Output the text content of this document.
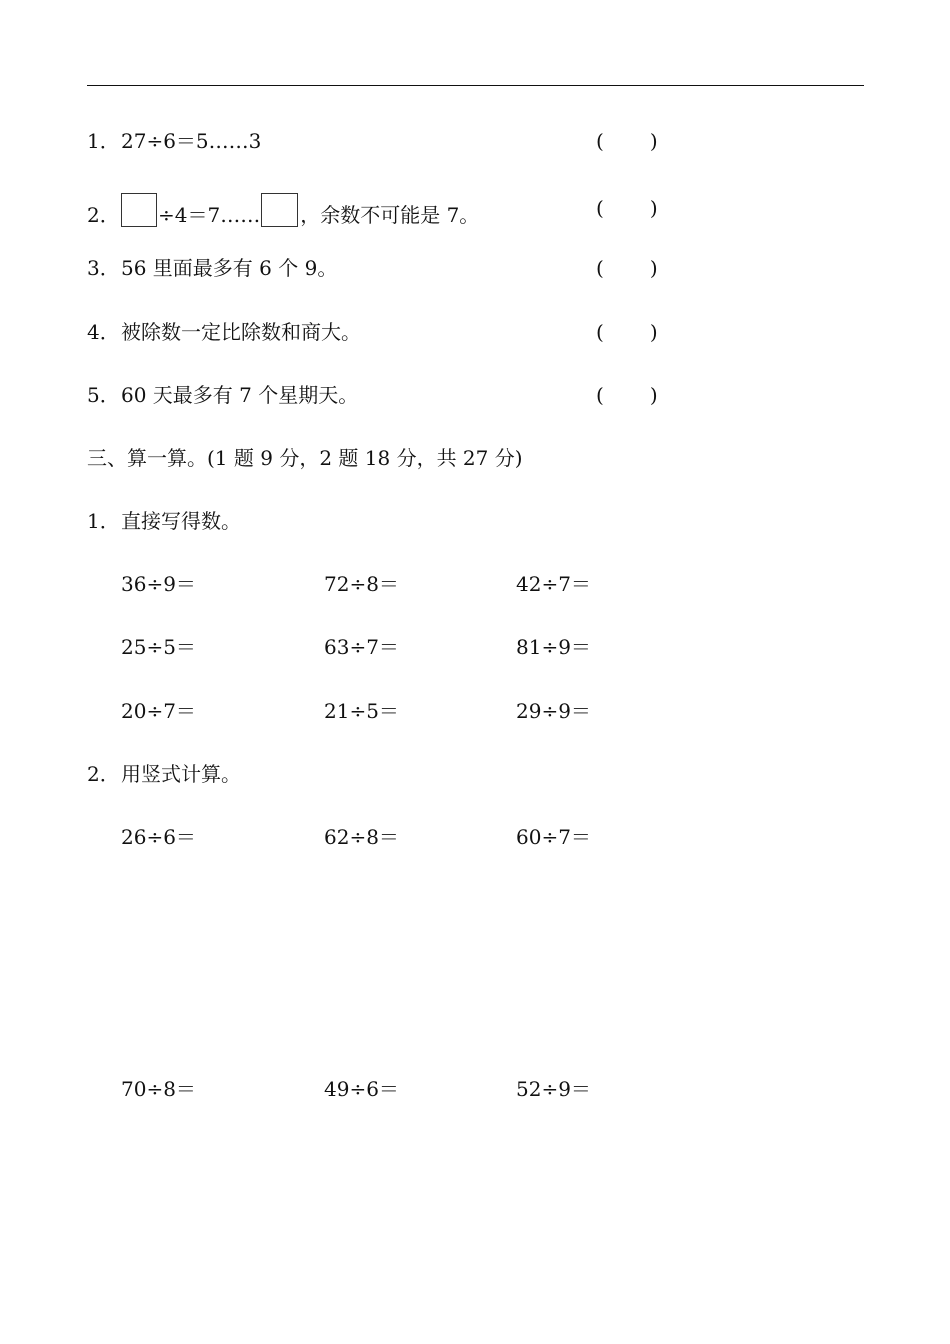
1．27÷6＝5……3	( )
2． ÷4＝7…… ，余数不可能是 7。	( )
3．56 里面最多有 6 个 9。	( )
4．被除数一定比除数和商大。	( )
5．60 天最多有 7 个星期天。	( )
三、算一算。(1 题 9 分，2 题 18 分，共 27 分)
1．直接写得数。
36÷9＝	72÷8＝	42÷7＝
25÷5＝	63÷7＝	81÷9＝
20÷7＝	21÷5＝	29÷9＝
2．用竖式计算。
26÷6＝	62÷8＝	60÷7＝
70÷8＝	49÷6＝	52÷9＝
